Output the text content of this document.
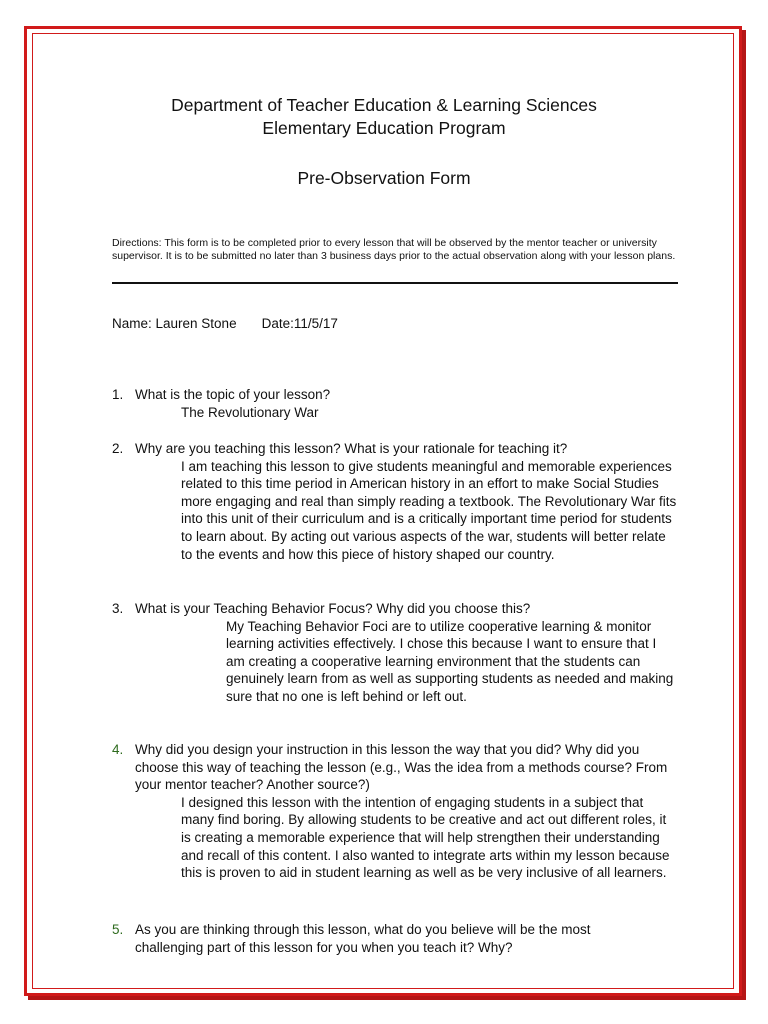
Department of Teacher Education & Learning Sciences
Elementary Education Program
Pre-Observation Form
Directions: This form is to be completed prior to every lesson that will be observed by the mentor teacher or university supervisor. It is to be submitted no later than 3 business days prior to the actual observation along with your lesson plans.
Name: Lauren Stone Date:11/5/17
1. What is the topic of your lesson?
The Revolutionary War
2. Why are you teaching this lesson? What is your rationale for teaching it?
I am teaching this lesson to give students meaningful and memorable experiences related to this time period in American history in an effort to make Social Studies more engaging and real than simply reading a textbook. The Revolutionary War fits into this unit of their curriculum and is a critically important time period for students to learn about. By acting out various aspects of the war, students will better relate to the events and how this piece of history shaped our country.
3. What is your Teaching Behavior Focus? Why did you choose this?
My Teaching Behavior Foci are to utilize cooperative learning & monitor learning activities effectively. I chose this because I want to ensure that I am creating a cooperative learning environment that the students can genuinely learn from as well as supporting students as needed and making sure that no one is left behind or left out.
4. Why did you design your instruction in this lesson the way that you did? Why did you choose this way of teaching the lesson (e.g., Was the idea from a methods course? From your mentor teacher? Another source?)
I designed this lesson with the intention of engaging students in a subject that many find boring. By allowing students to be creative and act out different roles, it is creating a memorable experience that will help strengthen their understanding and recall of this content. I also wanted to integrate arts within my lesson because this is proven to aid in student learning as well as be very inclusive of all learners.
5. As you are thinking through this lesson, what do you believe will be the most challenging part of this lesson for you when you teach it? Why?
